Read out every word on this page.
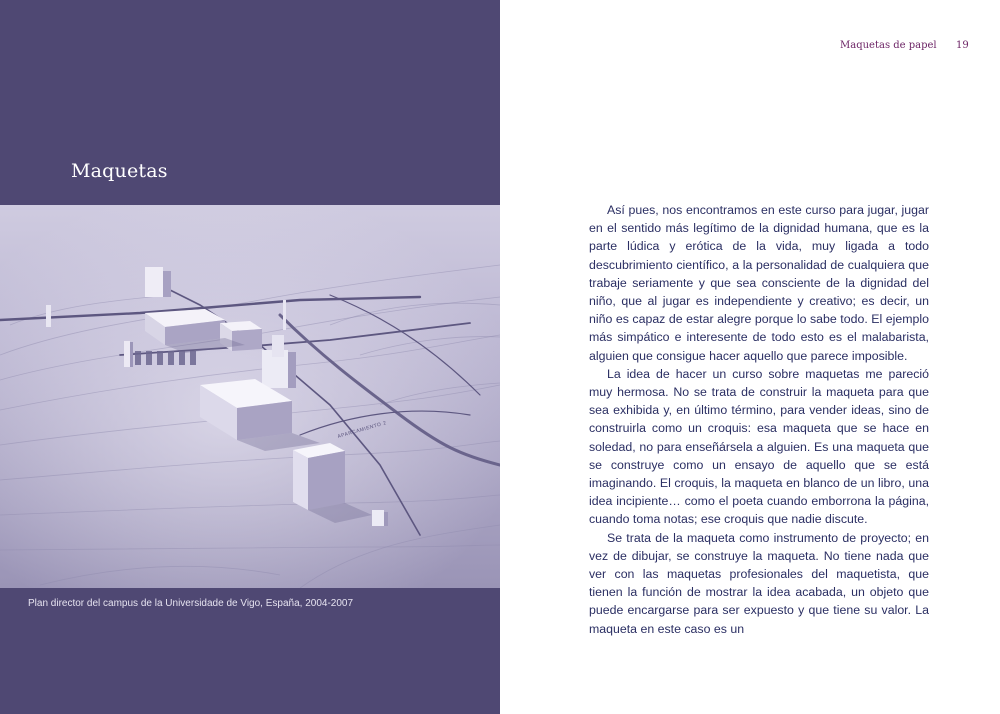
Maquetas
APARCAMIENTO 2

Plan director del campus de la Universidade de Vigo, España, 2004-2007

Maquetas de papel 19

Así pues, nos encontramos en este curso para jugar, jugar en el sentido más legítimo de la dignidad humana, que es la parte lúdica y erótica de la vida, muy ligada a todo descubrimiento científico, a la personalidad de cualquiera que trabaje seriamente y que sea consciente de la dignidad del niño, que al jugar es independiente y creativo; es decir, un niño es capaz de estar alegre porque lo sabe todo. El ejemplo más simpático e interesente de todo esto es el malabarista, alguien que consigue hacer aquello que parece imposible.

La idea de hacer un curso sobre maquetas me pareció muy hermosa. No se trata de construir la maqueta para que sea exhibida y, en último término, para vender ideas, sino de construirla como un croquis: esa maqueta que se hace en soledad, no para enseñársela a alguien. Es una maqueta que se construye como un ensayo de aquello que se está imaginando. El croquis, la maqueta en blanco de un libro, una idea incipiente… como el poeta cuando emborrona la página, cuando toma notas; ese croquis que nadie discute.

Se trata de la maqueta como instrumento de proyecto; en vez de dibujar, se construye la maqueta. No tiene nada que ver con las maquetas profesionales del maquetista, que tienen la función de mostrar la idea acabada, un objeto que puede encargarse para ser expuesto y que tiene su valor. La maqueta en este caso es un
